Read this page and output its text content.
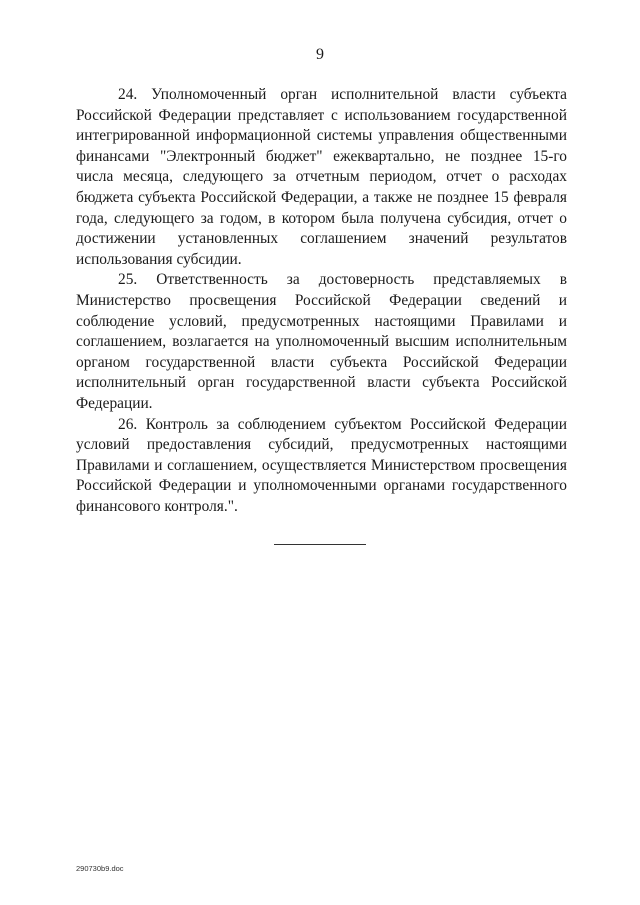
9

24. Уполномоченный орган исполнительной власти субъекта Российской Федерации представляет с использованием государственной интегрированной информационной системы управления общественными финансами "Электронный бюджет" ежеквартально, не позднее 15-го числа месяца, следующего за отчетным периодом, отчет о расходах бюджета субъекта Российской Федерации, а также не позднее 15 февраля года, следующего за годом, в котором была получена субсидия, отчет о достижении установленных соглашением значений результатов использования субсидии.

25. Ответственность за достоверность представляемых в Министерство просвещения Российской Федерации сведений и соблюдение условий, предусмотренных настоящими Правилами и соглашением, возлагается на уполномоченный высшим исполнительным органом государственной власти субъекта Российской Федерации исполнительный орган государственной власти субъекта Российской Федерации.

26. Контроль за соблюдением субъектом Российской Федерации условий предоставления субсидий, предусмотренных настоящими Правилами и соглашением, осуществляется Министерством просвещения Российской Федерации и уполномоченными органами государственного финансового контроля.".

290730b9.doc
